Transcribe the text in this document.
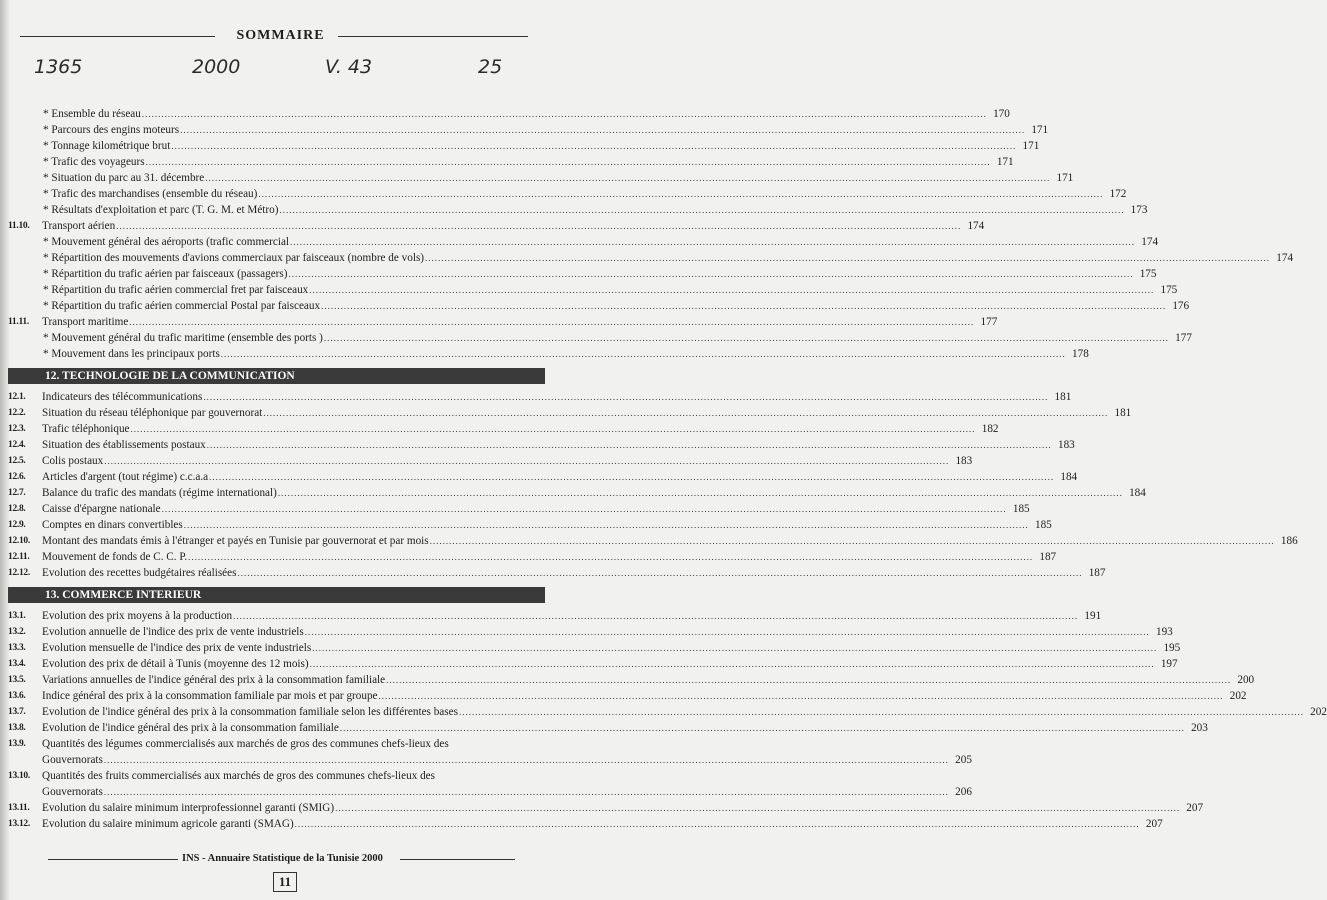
SOMMAIRE
1365	2000	V. 43	25
* Ensemble du réseau .................................................................................................................................................................................................................................................................... 170
* Parcours des engins moteurs .................................................................................................................................................................................................................................................................... 171
* Tonnage kilométrique brut .................................................................................................................................................................................................................................................................... 171
* Trafic des voyageurs .................................................................................................................................................................................................................................................................... 171
* Situation du parc au 31. décembre .................................................................................................................................................................................................................................................................... 171
* Trafic des marchandises (ensemble du réseau) .................................................................................................................................................................................................................................................................... 172
* Résultats d'exploitation et parc (T. G. M. et Métro) .................................................................................................................................................................................................................................................................... 173
11.10.	Transport aérien .................................................................................................................................................................................................................................................................... 174
* Mouvement général des aéroports (trafic commercial .................................................................................................................................................................................................................................................................... 174
* Répartition des mouvements d'avions commerciaux par faisceaux (nombre de vols) .................................................................................................................................................................................................................................................................... 174
* Répartition du trafic aérien par faisceaux (passagers) .................................................................................................................................................................................................................................................................... 175
* Répartition du trafic aérien commercial fret par faisceaux .................................................................................................................................................................................................................................................................... 175
* Répartition du trafic aérien commercial Postal par faisceaux .................................................................................................................................................................................................................................................................... 176
11.11.	Transport maritime .................................................................................................................................................................................................................................................................... 177
* Mouvement général du trafic maritime (ensemble des ports ) .................................................................................................................................................................................................................................................................... 177
* Mouvement dans les principaux ports .................................................................................................................................................................................................................................................................... 178
12.1.	Indicateurs des télécommunications .................................................................................................................................................................................................................................................................... 181
12.2.	Situation du réseau téléphonique par gouvernorat .................................................................................................................................................................................................................................................................... 181
12.3.	Trafic téléphonique .................................................................................................................................................................................................................................................................... 182
12.4.	Situation des établissements postaux .................................................................................................................................................................................................................................................................... 183
12.5.	Colis postaux .................................................................................................................................................................................................................................................................... 183
12.6.	Articles d'argent (tout régime) c.c.a.a .................................................................................................................................................................................................................................................................... 184
12.7.	Balance du trafic des mandats (régime international) .................................................................................................................................................................................................................................................................... 184
12.8.	Caisse d'épargne nationale .................................................................................................................................................................................................................................................................... 185
12.9.	Comptes en dinars convertibles .................................................................................................................................................................................................................................................................... 185
12.10.	Montant des mandats émis à l'étranger et payés en Tunisie par gouvernorat et par mois .................................................................................................................................................................................................................................................................... 186
12.11.	Mouvement de fonds de C. C. P. .................................................................................................................................................................................................................................................................... 187
12.12.	Evolution des recettes budgétaires réalisées .................................................................................................................................................................................................................................................................... 187
13.1.	Evolution des prix moyens à la production .................................................................................................................................................................................................................................................................... 191
13.2.	Evolution annuelle de l'indice des prix de vente industriels .................................................................................................................................................................................................................................................................... 193
13.3.	Evolution mensuelle de l'indice des prix de vente industriels .................................................................................................................................................................................................................................................................... 195
13.4.	Evolution des prix de détail à Tunis (moyenne des 12 mois) .................................................................................................................................................................................................................................................................... 197
13.5.	Variations annuelles de l'indice général des prix à la consommation familiale .................................................................................................................................................................................................................................................................... 200
13.6.	Indice général des prix à la consommation familiale par mois et par groupe .................................................................................................................................................................................................................................................................... 202
13.7.	Evolution de l'indice général des prix à la consommation familiale selon les différentes bases .................................................................................................................................................................................................................................................................... 202
13.8.	Evolution de l'indice général des prix à la consommation familiale .................................................................................................................................................................................................................................................................... 203
13.9.	Quantités des légumes commercialisés aux marchés de gros des communes chefs-lieux des
Gouvernorats .................................................................................................................................................................................................................................................................... 205
13.10.	Quantités des fruits commercialisés aux marchés de gros des communes chefs-lieux des
Gouvernorats .................................................................................................................................................................................................................................................................... 206
13.11.	Evolution du salaire minimum interprofessionnel garanti (SMIG) .................................................................................................................................................................................................................................................................... 207
13.12.	Evolution du salaire minimum agricole garanti (SMAG) .................................................................................................................................................................................................................................................................... 207
12. TECHNOLOGIE DE LA COMMUNICATION
13. COMMERCE INTERIEUR
INS - Annuaire Statistique de la Tunisie 2000
11
